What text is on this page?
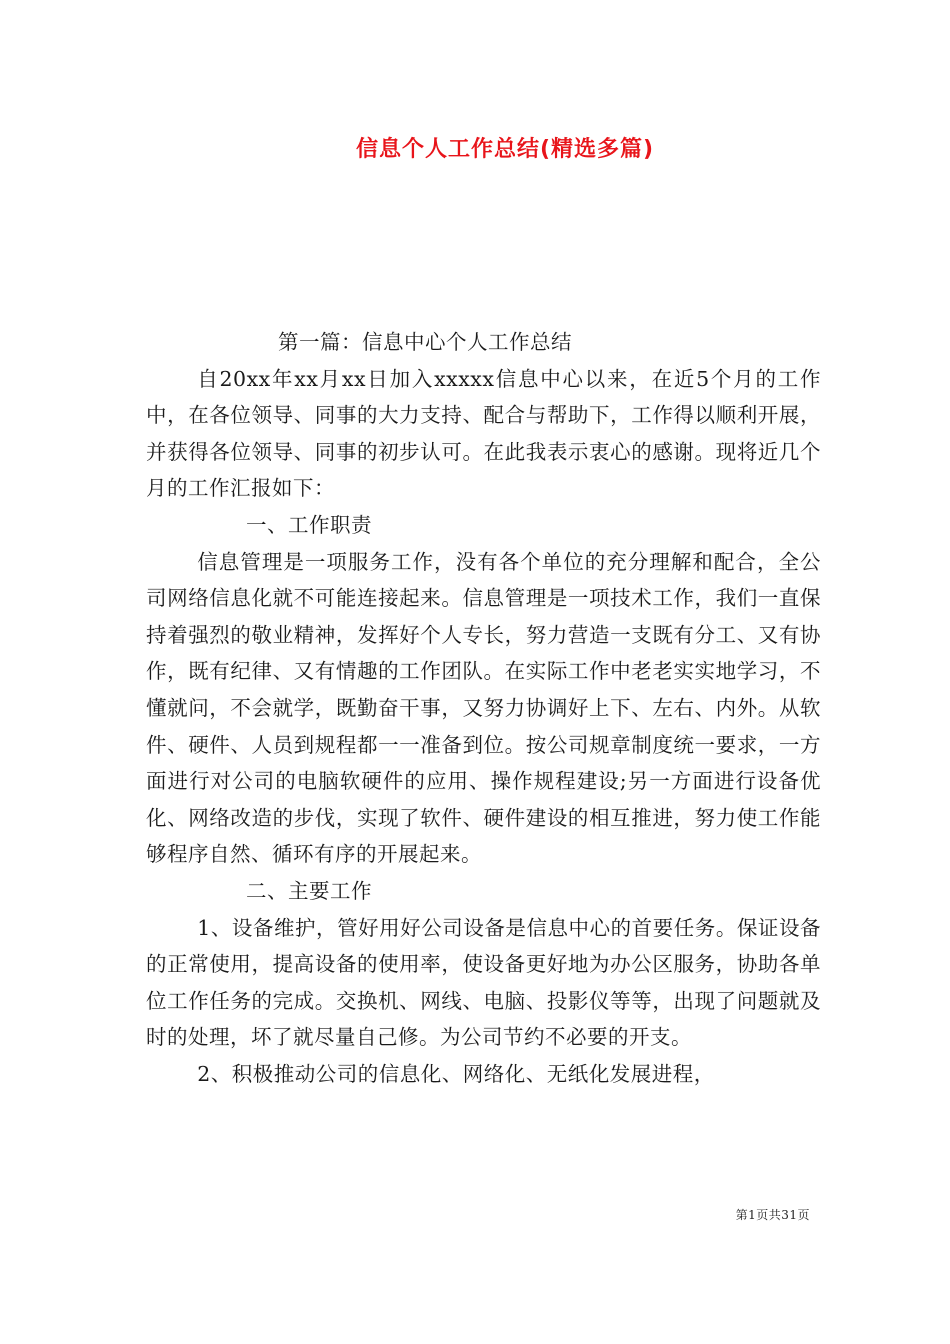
信息个人工作总结(精选多篇)

第一篇：信息中心个人工作总结

自20xx年xx月xx日加入xxxxx信息中心以来，在近5个月的工作中，在各位领导、同事的大力支持、配合与帮助下，工作得以顺利开展，并获得各位领导、同事的初步认可。在此我表示衷心的感谢。现将近几个月的工作汇报如下：

一、工作职责

信息管理是一项服务工作，没有各个单位的充分理解和配合，全公司网络信息化就不可能连接起来。信息管理是一项技术工作，我们一直保持着强烈的敬业精神，发挥好个人专长，努力营造一支既有分工、又有协作，既有纪律、又有情趣的工作团队。在实际工作中老老实实地学习，不懂就问，不会就学，既勤奋干事，又努力协调好上下、左右、内外。从软件、硬件、人员到规程都一一准备到位。按公司规章制度统一要求，一方面进行对公司的电脑软硬件的应用、操作规程建设;另一方面进行设备优化、网络改造的步伐，实现了软件、硬件建设的相互推进，努力使工作能够程序自然、循环有序的开展起来。

二、主要工作

1、设备维护，管好用好公司设备是信息中心的首要任务。保证设备的正常使用，提高设备的使用率，使设备更好地为办公区服务，协助各单位工作任务的完成。交换机、网线、电脑、投影仪等等，出现了问题就及时的处理，坏了就尽量自己修。为公司节约不必要的开支。

2、积极推动公司的信息化、网络化、无纸化发展进程，

第1页共31页
